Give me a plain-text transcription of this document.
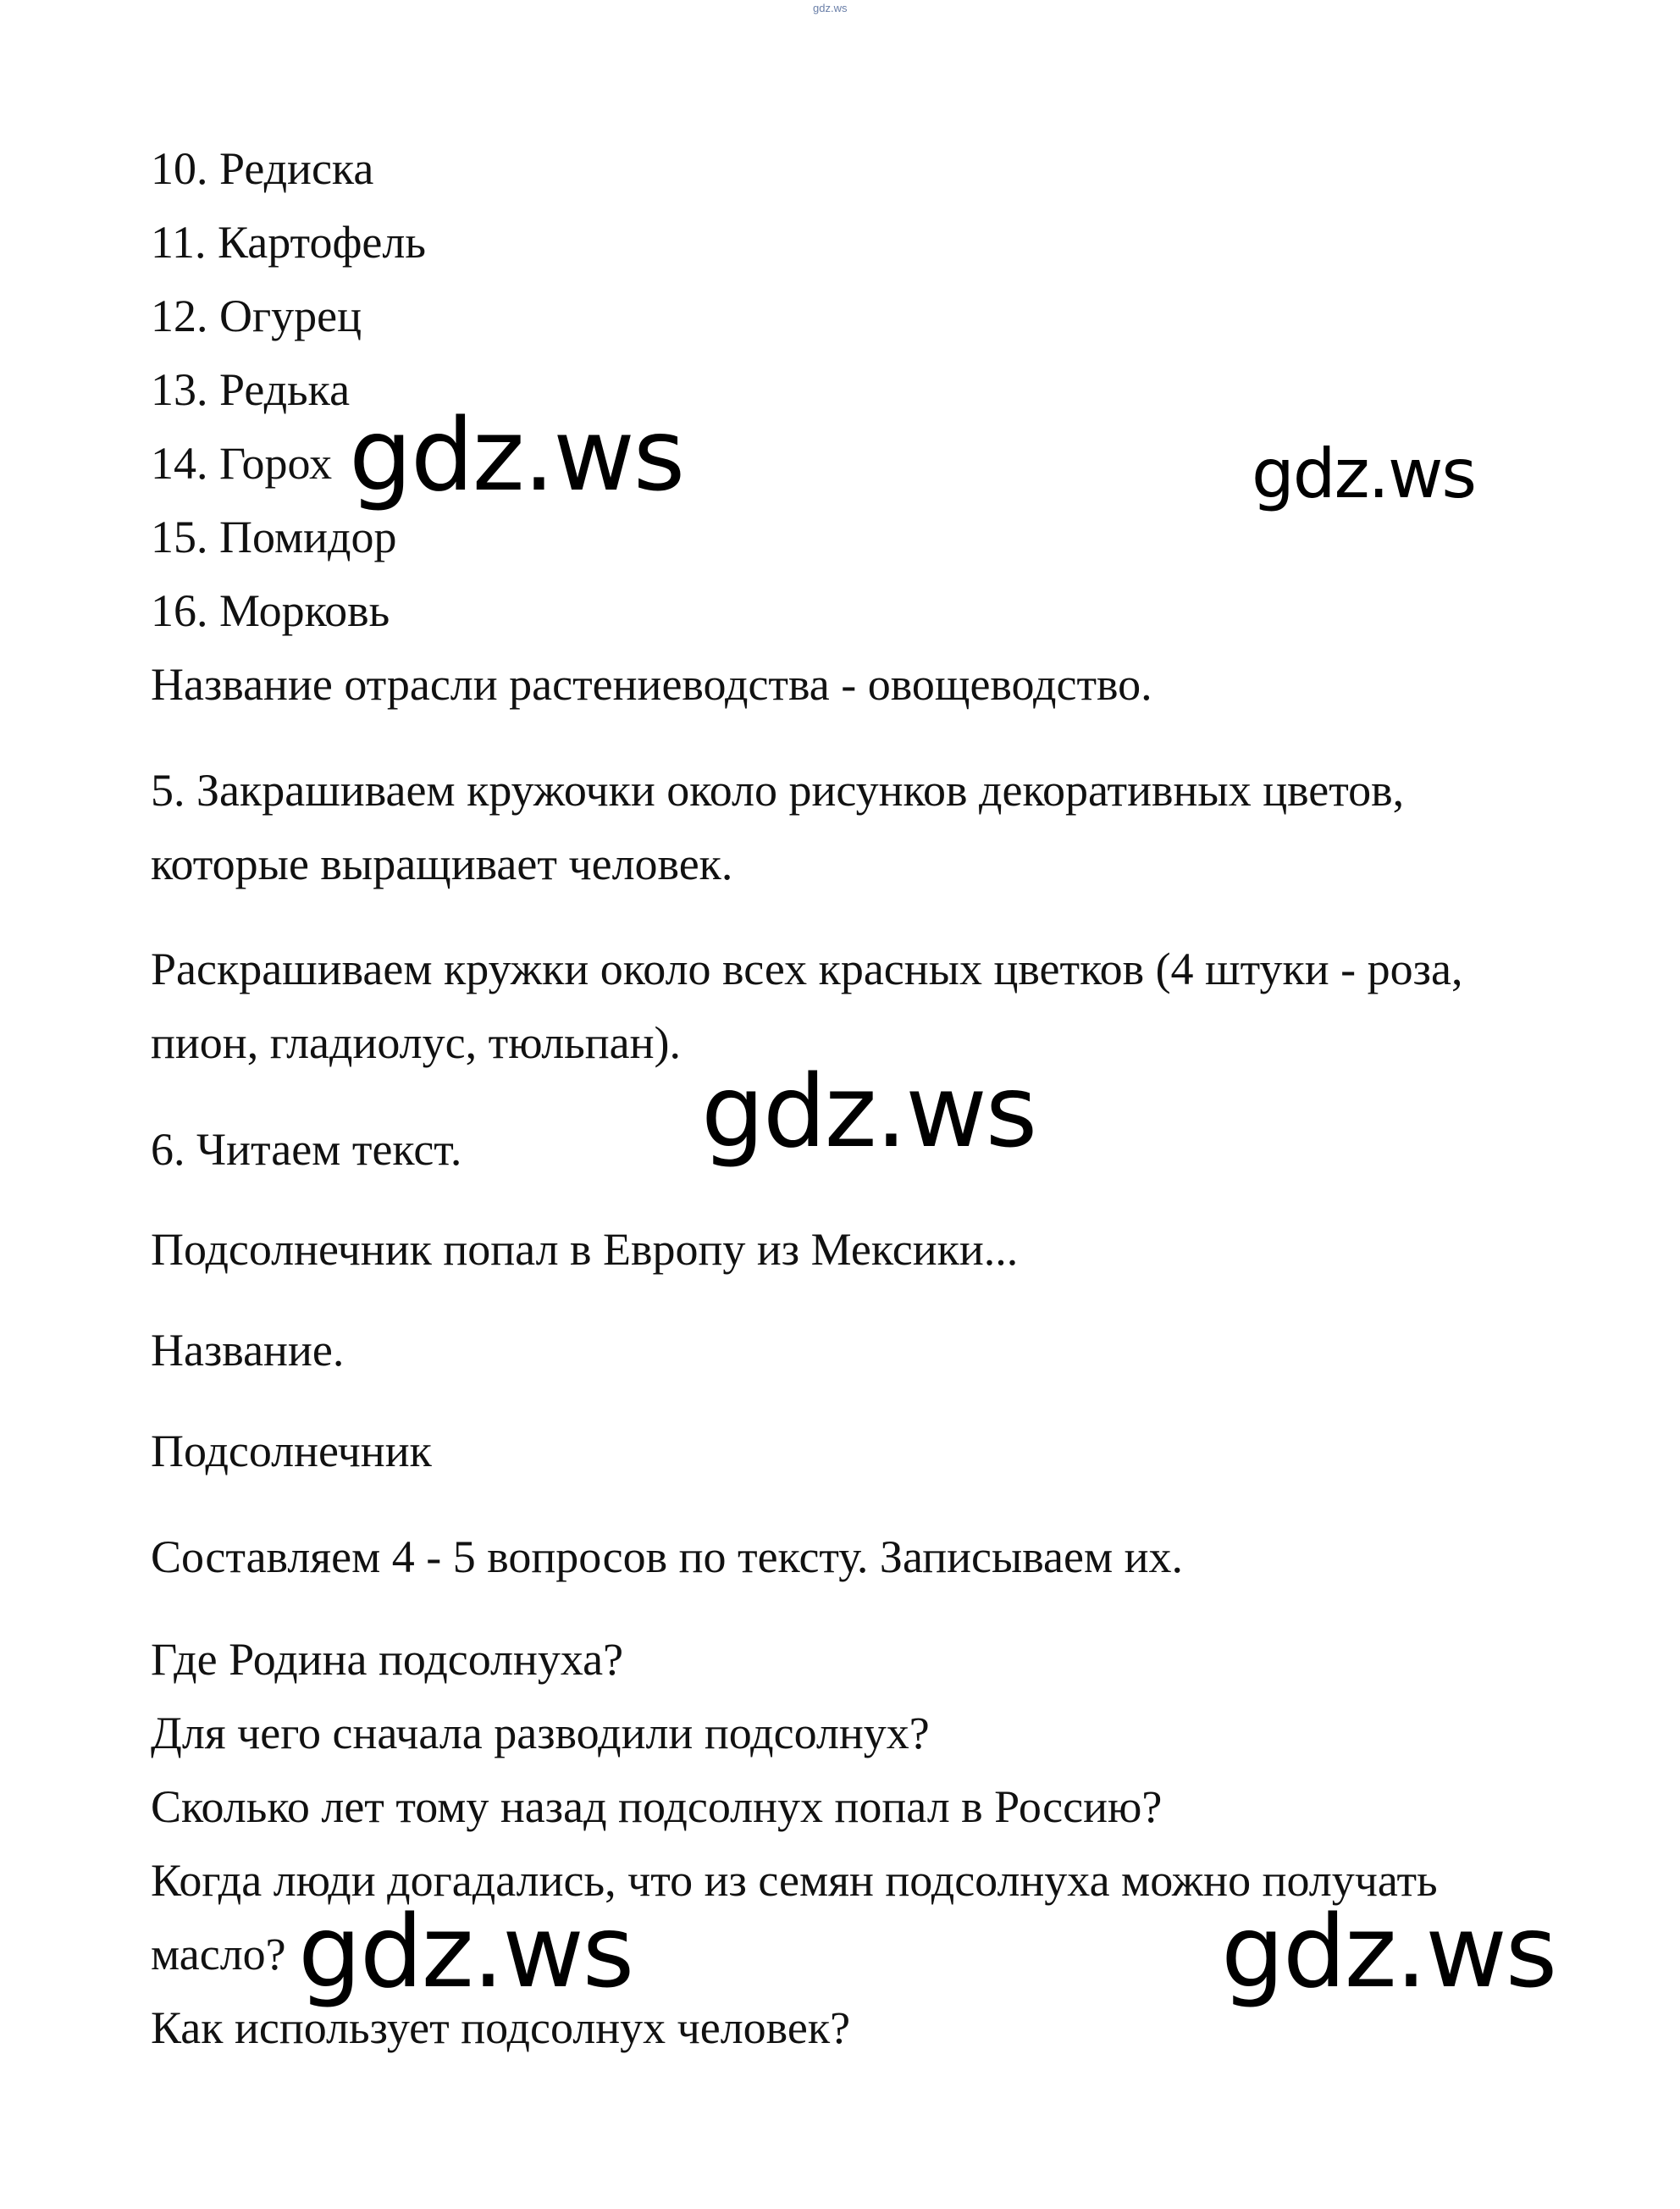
gdz.ws
10. Редиска
11. Картофель
12. Огурец
13. Редька
14. Горох
15. Помидор
16. Морковь
Название отрасли растениеводства - овощеводство.
5. Закрашиваем кружочки около рисунков декоративных цветов,
которые выращивает человек.
Раскрашиваем кружки около всех красных цветков (4 штуки - роза,
пион, гладиолус, тюльпан).
6. Читаем текст.
Подсолнечник попал в Европу из Мексики...
Название.
Подсолнечник
Составляем 4 - 5 вопросов по тексту. Записываем их.
Где Родина подсолнуха?
Для чего сначала разводили подсолнух?
Сколько лет тому назад подсолнух попал в Россию?
Когда люди догадались, что из семян подсолнуха можно получать
масло?
Как использует подсолнух человек?
gdz.ws	gdz.ws
gdz.ws
gdz.ws	gdz.ws
